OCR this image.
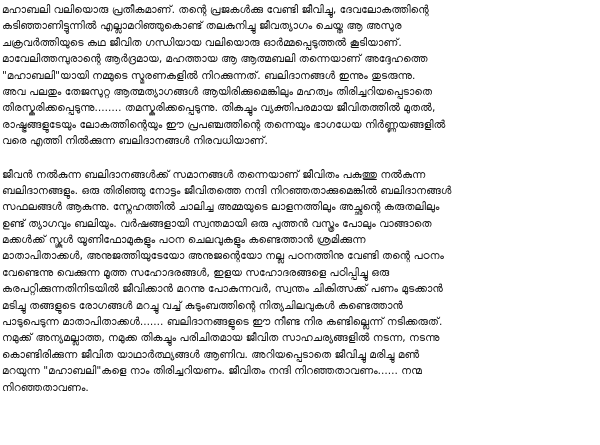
മഹാബലി വലിയൊരു പ്രതീകമാണ്. തന്റെ പ്രജകൾക്കു വേണ്ടി ജീവിച്ചു, ദേവലോകത്തിന്റെ
കടിഞ്ഞാണിട്ടുന്നിൽ എല്ലാമറിഞ്ഞുകൊണ്ട് തലകുനിച്ചു ജീവത്യാഗം ചെയ്ത ആ അസുര
ചക്രവർത്തിയുടെ കഥ ജീവിത ഗന്ധിയായ വലിയൊരു ഓർമ്മപ്പെടുത്തൽ കൂടിയാണ്.
മാവേലിത്തമ്പുരാന്റെ ആർദ്രമായ, മഹത്തായ ആ ആത്മബലി തന്നെയാണ് അദ്ദേഹത്തെ
"മഹാബലി"യായി നമ്മുടെ സ്മരണകളിൽ നിറക്കുന്നത്. ബലിദാനങ്ങൾ ഇന്നും തുടരുന്നു.
അവ പലതും തേജസുറ്റ ആത്മത്യാഗങ്ങൾ ആയിരിക്കുമെങ്കിലും മഹത്വം തിരിച്ചറിയപ്പെടാതെ
തിരസ്കരിക്കപ്പെടുന്നു........ തമസ്കരിക്കപ്പെടുന്നു. തികച്ചും വ്യക്തിപരമായ ജീവിതത്തിൽ മുതൽ,
രാഷ്ട്രങ്ങളുടേയും ലോകത്തിന്റെയും ഈ പ്രപഞ്ചത്തിന്റെ തന്നെയും ഭാഗധേയ നിർണ്ണയങ്ങളിൽ
വരെ എത്തി നിൽക്കുന്ന ബലിദാനങ്ങൾ നിരവധിയാണ്.
ജീവൻ നൽകുന്ന ബലിദാനങ്ങൾക്ക് സമാനങ്ങൾ തന്നെയാണ് ജീവിതം പകുത്തു നൽകുന്ന
ബലിദാനങ്ങളും. ഒരു തിരിഞ്ഞു നോട്ടം ജീവിതത്തെ നന്ദി നിറഞ്ഞതാക്കുമെങ്കിൽ ബലിദാനങ്ങൾ
സഫലങ്ങൾ ആകുന്നു. സ്നേഹത്തിൽ ചാലിച്ച അമ്മയുടെ ലാളനത്തിലും അച്ഛന്റെ കരുതലിലും
ഉണ്ട് ത്യാഗവും ബലിയും. വർഷങ്ങളായി സ്വന്തമായി ഒരു പുത്തൻ വസ്ത്രം പോലും വാങ്ങാതെ
മക്കൾക്ക് സ്കൂൾ യൂണിഫോമുകളും പഠന ചെലവുകളും കണ്ടെത്താൻ ശ്രമിക്കുന്ന
മാതാപിതാക്കൾ, അനുജത്തിയുടേയോ അനുജന്റെയോ നല്ല പഠനത്തിനു വേണ്ടി തന്റെ പഠനം
വേണ്ടെന്നു വെക്കുന്ന മൂത്ത സഹോദരങ്ങൾ, ഇളയ സഹോദരങ്ങളെ പഠിപ്പിച്ചു ഒരു
കരപറ്റിക്കുന്നതിനിടയിൽ ജീവിക്കാൻ മറന്നു പോകുന്നവർ, സ്വന്തം ചികിത്സക്ക് പണം മുടക്കാൻ
മടിച്ചു തങ്ങളുടെ രോഗങ്ങൾ മറച്ചു വച്ച് കുടുംബത്തിന്റെ നിത്യചിലവുകൾ കണ്ടെത്താൻ
പാടുപെടുന്ന മാതാപിതാക്കൾ....... ബലിദാനങ്ങളുടെ ഈ നീണ്ട നിര കണ്ടില്ലെന്ന് നടിക്കരുത്.
നമുക്ക് അന്യമല്ലാത്ത, നമുക്ക തികച്ചും പരിചിതമായ ജീവിത സാഹചര്യങ്ങളിൽ നടന്ന, നടന്നു
കൊണ്ടിരിക്കുന്ന ജീവിത യാഥാർത്ഥ്യങ്ങൾ ആണിവ. അറിയപ്പെടാതെ ജീവിച്ചു മരിച്ചു മൺ
മറയുന്ന "മഹാബലി"കളെ നാം തിരിച്ചറിയണം. ജീവിതം നന്ദി നിറഞ്ഞതാവണം...... നന്മ
നിറഞ്ഞതാവണം.
